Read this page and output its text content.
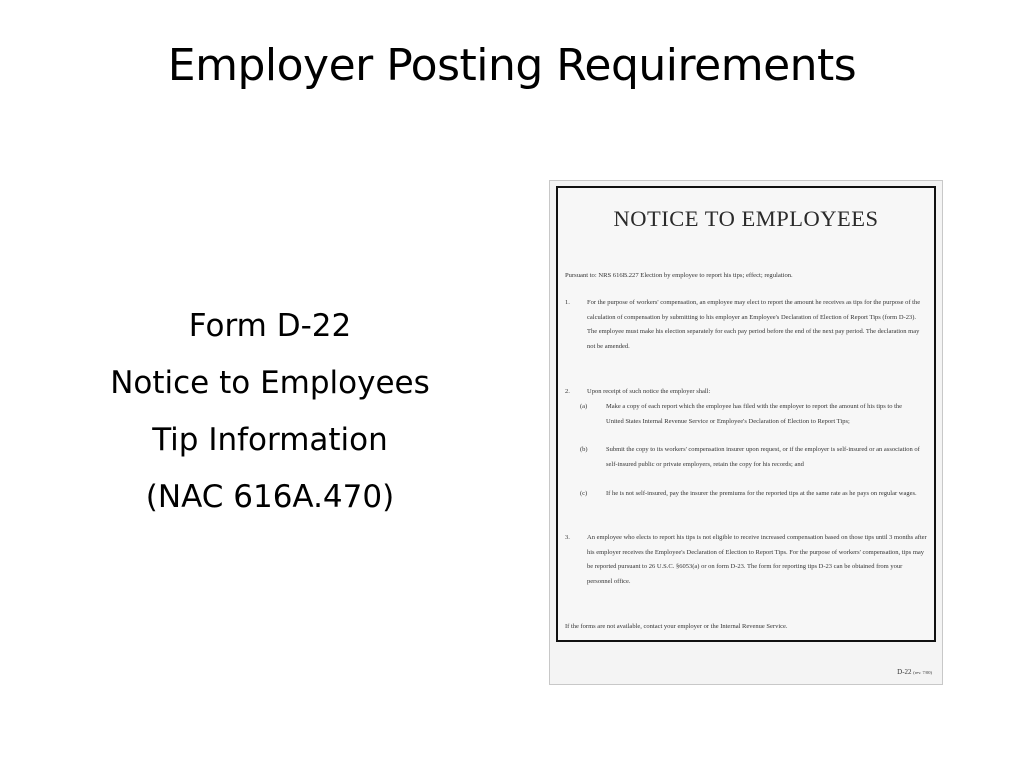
Employer Posting Requirements
Form D-22
Notice to Employees
Tip Information
(NAC 616A.470)
NOTICE TO EMPLOYEES
Pursuant to: NRS 616B.227 Election by employee to report his tips; effect; regulation.
1.	For the purpose of workers' compensation, an employee may elect to report the amount he receives as tips for the purpose of the calculation of compensation by submitting to his employer an Employee's Declaration of Election of Report Tips (form D-23). The employee must make his election separately for each pay period before the end of the next pay period. The declaration may not be amended.
2.	Upon receipt of such notice the employer shall:
(a)	Make a copy of each report which the employee has filed with the employer to report the amount of his tips to the United States Internal Revenue Service or Employee's Declaration of Election to Report Tips;
(b)	Submit the copy to its workers' compensation insurer upon request, or if the employer is self-insured or an association of self-insured public or private employers, retain the copy for his records; and
(c)	If he is not self-insured, pay the insurer the premiums for the reported tips at the same rate as he pays on regular wages.
3.	An employee who elects to report his tips is not eligible to receive increased compensation based on those tips until 3 months after his employer receives the Employee's Declaration of Election to Report Tips. For the purpose of workers' compensation, tips may be reported pursuant to 26 U.S.C. §6053(a) or on form D-23. The form for reporting tips D-23 can be obtained from your personnel office.
If the forms are not available, contact your employer or the Internal Revenue Service.
D-22 (rev. 7/00)
